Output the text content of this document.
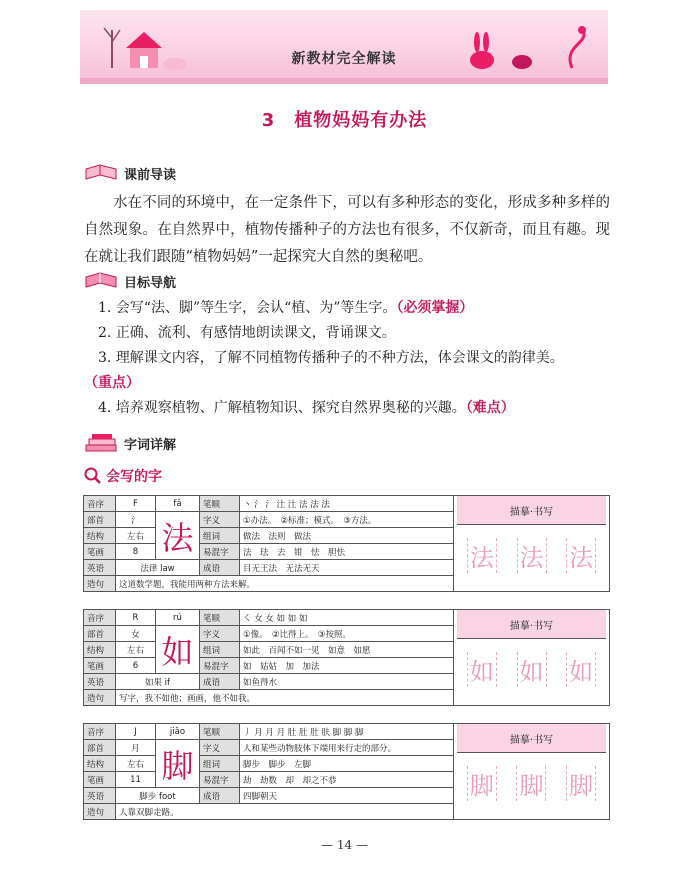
新教材完全解读
3　植物妈妈有办法
课前导读
水在不同的环境中，在一定条件下，可以有多种形态的变化，形成多种多样的自然现象。在自然界中，植物传播种子的方法也有很多，不仅新奇，而且有趣。现在就让我们跟随“植物妈妈”一起探究大自然的奥秘吧。
目标导航

1. 会写“法、脚”等生字，会认“植、为”等生字。（必须掌握）

2. 正确、流利、有感情地朗读课文，背诵课文。

3. 理解课文内容，了解不同植物传播种子的不种方法，体会课文的韵律美。（重点）

4. 培养观察植物、广解植物知识、探究自然界奥秘的兴趣。（难点）

字词详解
会写的字
音序	F	fǎ	笔顺	丶 氵 氵 汢 汢 法 法 法	描摹·书写
法 法 法

部首	氵	法	字义	①办法。　②标准；模式。　③方法。	
结构	左右		组词	做法　法则　做法	
笔画	8		易混字	法　珐　去　钳　怯　胆怯	
英语	法律 law		成语	目无王法　无法无天	
造句	这道数学题，我能用两种方法来解。				
音序	R	rú	笔顺	㇛ 女 女 如 如 如	描摹·书写
如 如 如

部首	女	如	字义	①像。　②比得上。　③按照。	
结构	左右		组词	如此　百闻不如一见　如意　如愿	
笔画	6		易混字	如　姑姑　加　加法	
英语	如果 if		成语	如鱼得水	
造句	写字，我不如他；画画，他不如我。				
音序	J	jiǎo	笔顺	丿 月 月 月 肚 肚 肚 肤 脚 脚 脚	描摹·书写
脚 脚 脚

部首	月	脚	字义	人和某些动物肢体下端用来行走的部分。	
结构	左右		组词	脚步　脚步　左脚	
笔画	11		易混字	劫　劫数　却　却之不恭	
英语	脚步 foot		成语	四脚朝天	
造句	人靠双脚走路。				
— 14 —
